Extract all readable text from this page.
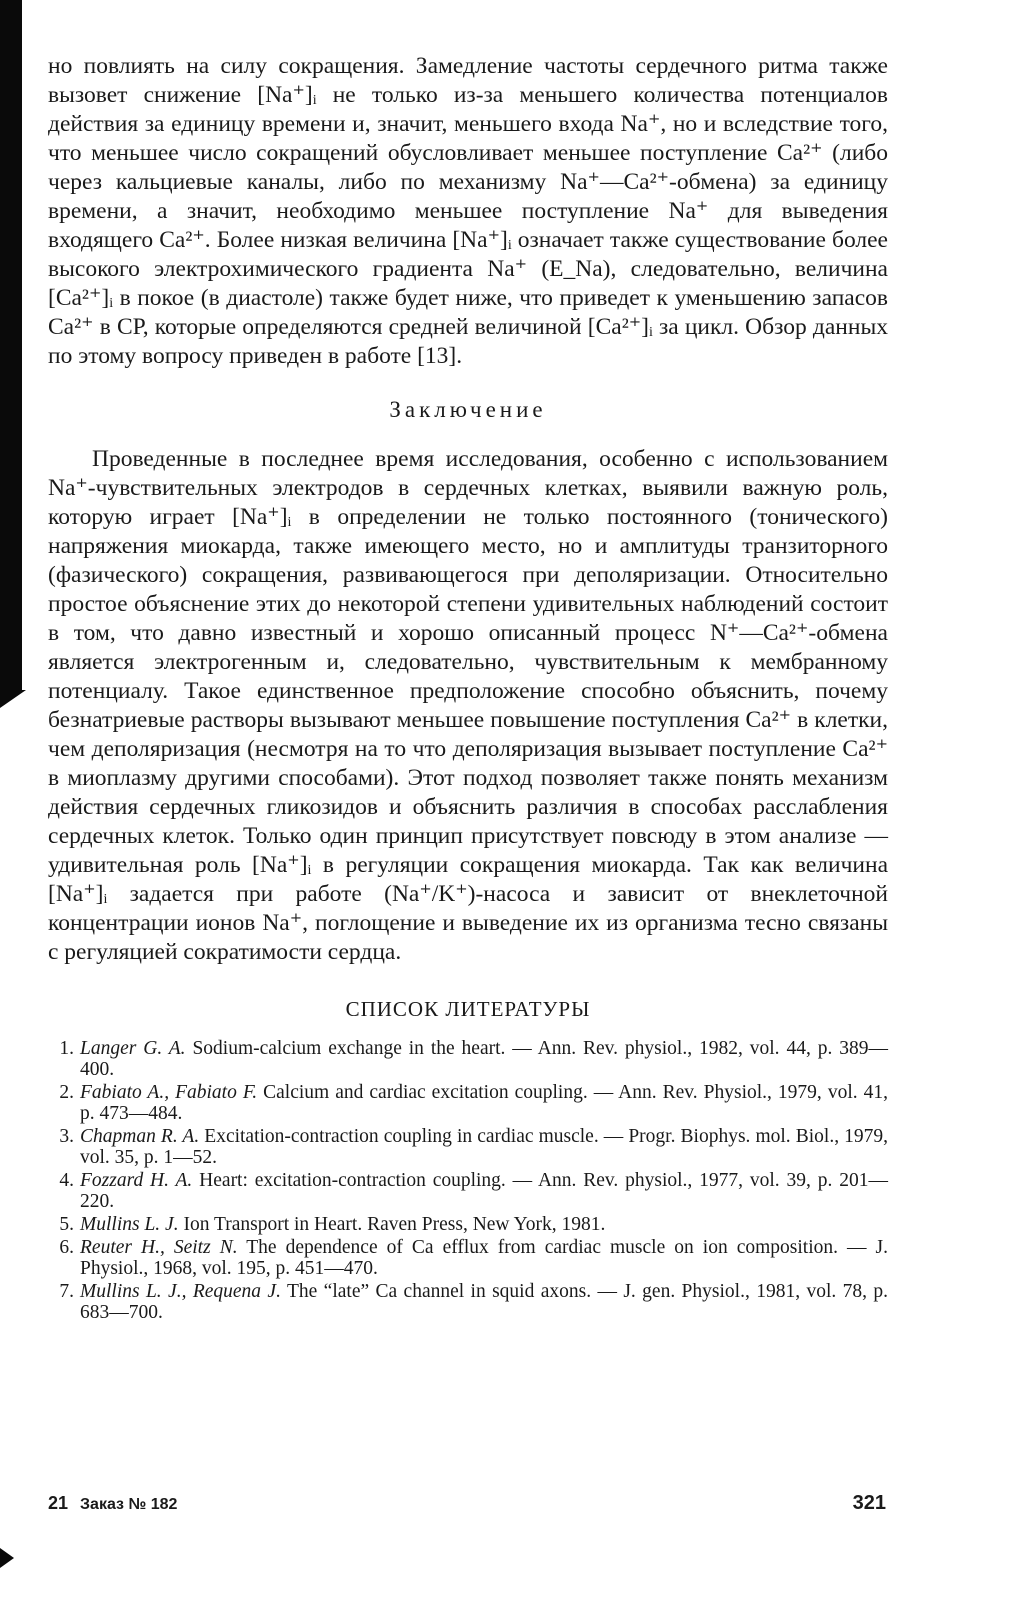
но повлиять на силу сокращения. Замедление частоты сердечного ритма также вызовет снижение [Na⁺]ᵢ не только из-за меньшего количества потенциалов действия за единицу времени и, значит, меньшего входа Na⁺, но и вследствие того, что меньшее число сокращений обусловливает меньшее поступление Ca²⁺ (либо через кальциевые каналы, либо по механизму Na⁺—Ca²⁺-обмена) за единицу времени, а значит, необходимо меньшее поступление Na⁺ для выведения входящего Ca²⁺. Более низкая величина [Na⁺]ᵢ означает также существование более высокого электрохимического градиента Na⁺ (E_Na), следовательно, величина [Ca²⁺]ᵢ в покое (в диастоле) также будет ниже, что приведет к уменьшению запасов Ca²⁺ в СР, которые определяются средней величиной [Ca²⁺]ᵢ за цикл. Обзор данных по этому вопросу приведен в работе [13].

Заключение

Проведенные в последнее время исследования, особенно с использованием Na⁺-чувствительных электродов в сердечных клетках, выявили важную роль, которую играет [Na⁺]ᵢ в определении не только постоянного (тонического) напряжения миокарда, также имеющего место, но и амплитуды транзиторного (фазического) сокращения, развивающегося при деполяризации. Относительно простое объяснение этих до некоторой степени удивительных наблюдений состоит в том, что давно известный и хорошо описанный процесс N⁺—Ca²⁺-обмена является электрогенным и, следовательно, чувствительным к мембранному потенциалу. Такое единственное предположение способно объяснить, почему безнатриевые растворы вызывают меньшее повышение поступления Ca²⁺ в клетки, чем деполяризация (несмотря на то что деполяризация вызывает поступление Ca²⁺ в миоплазму другими способами). Этот подход позволяет также понять механизм действия сердечных гликозидов и объяснить различия в способах расслабления сердечных клеток. Только один принцип присутствует повсюду в этом анализе — удивительная роль [Na⁺]ᵢ в регуляции сокращения миокарда. Так как величина [Na⁺]ᵢ задается при работе (Na⁺/K⁺)-насоса и зависит от внеклеточной концентрации ионов Na⁺, поглощение и выведение их из организма тесно связаны с регуляцией сократимости сердца.

СПИСОК ЛИТЕРАТУРЫ
1. Langer G. A. Sodium-calcium exchange in the heart. — Ann. Rev. physiol., 1982, vol. 44, p. 389—400.
2. Fabiato A., Fabiato F. Calcium and cardiac excitation coupling. — Ann. Rev. Physiol., 1979, vol. 41, p. 473—484.
3. Chapman R. A. Excitation-contraction coupling in cardiac muscle. — Progr. Biophys. mol. Biol., 1979, vol. 35, p. 1—52.
4. Fozzard H. A. Heart: excitation-contraction coupling. — Ann. Rev. physiol., 1977, vol. 39, p. 201—220.
5. Mullins L. J. Ion Transport in Heart. Raven Press, New York, 1981.
6. Reuter H., Seitz N. The dependence of Ca efflux from cardiac muscle on ion composition. — J. Physiol., 1968, vol. 195, p. 451—470.
7. Mullins L. J., Requena J. The “late” Ca channel in squid axons. — J. gen. Physiol., 1981, vol. 78, p. 683—700.
21 Заказ № 182	321
